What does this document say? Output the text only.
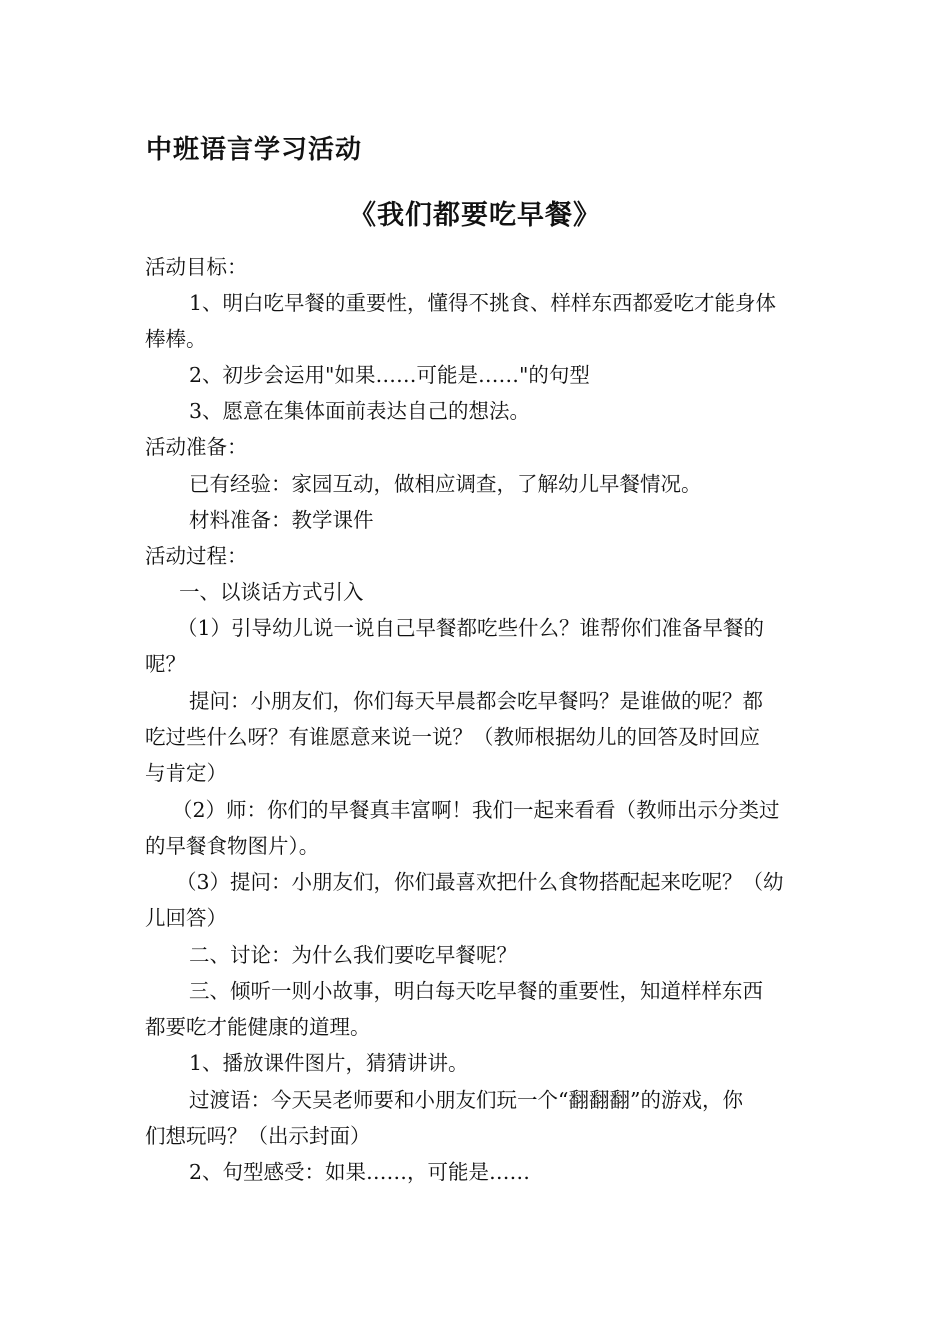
中班语言学习活动
《我们都要吃早餐》
活动目标：
1、明白吃早餐的重要性，懂得不挑食、样样东西都爱吃才能身体
棒棒。
2、初步会运用"如果……可能是……"的句型
3、愿意在集体面前表达自己的想法。
活动准备：
已有经验：家园互动，做相应调查，了解幼儿早餐情况。
材料准备：教学课件
活动过程：
一、以谈话方式引入
（1）引导幼儿说一说自己早餐都吃些什么？谁帮你们准备早餐的
呢？
提问：小朋友们，你们每天早晨都会吃早餐吗？是谁做的呢？都
吃过些什么呀？有谁愿意来说一说？（教师根据幼儿的回答及时回应
与肯定）
（2）师：你们的早餐真丰富啊！我们一起来看看（教师出示分类过
的早餐食物图片）。
（3）提问：小朋友们，你们最喜欢把什么食物搭配起来吃呢？（幼
儿回答）
二、讨论：为什么我们要吃早餐呢？
三、倾听一则小故事，明白每天吃早餐的重要性，知道样样东西
都要吃才能健康的道理。
1、播放课件图片，猜猜讲讲。
过渡语：今天吴老师要和小朋友们玩一个“翻翻翻”的游戏，你
们想玩吗？（出示封面）
2、句型感受：如果……，可能是……
